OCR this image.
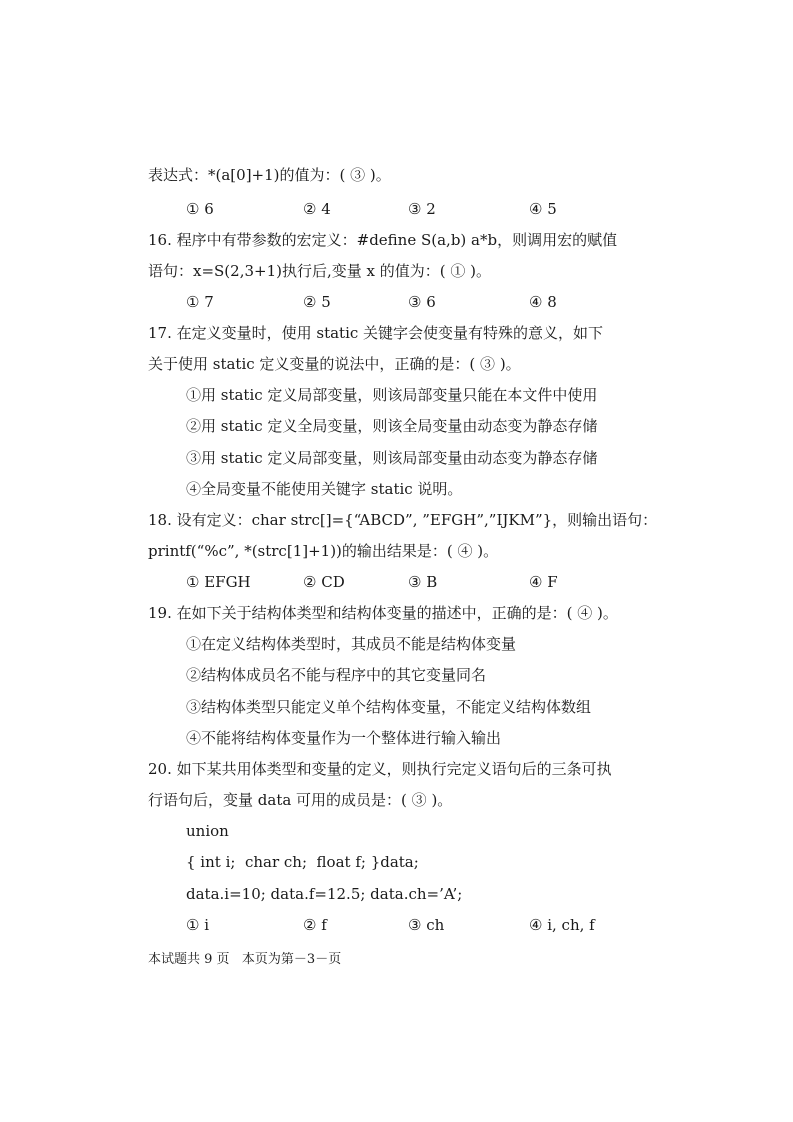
表达式：*(a[0]+1)的值为：( ③ )。
① 6	② 4	③ 2	④ 5
16. 程序中有带参数的宏定义：#define S(a,b) a*b，则调用宏的赋值
语句：x=S(2,3+1)执行后,变量 x 的值为：( ① )。
① 7	② 5	③ 6	④ 8
17. 在定义变量时，使用 static 关键字会使变量有特殊的意义，如下
关于使用 static 定义变量的说法中，正确的是：( ③ )。
①用 static 定义局部变量，则该局部变量只能在本文件中使用
②用 static 定义全局变量，则该全局变量由动态变为静态存储
③用 static 定义局部变量，则该局部变量由动态变为静态存储
④全局变量不能使用关键字 static 说明。
18. 设有定义：char strc[]={“ABCD”, ”EFGH”,”IJKM”}，则输出语句：
printf(“%c”, *(strc[1]+1))的输出结果是：( ④ )。
① EFGH	② CD	③ B	④ F
19. 在如下关于结构体类型和结构体变量的描述中，正确的是：( ④ )。
①在定义结构体类型时，其成员不能是结构体变量
②结构体成员名不能与程序中的其它变量同名
③结构体类型只能定义单个结构体变量，不能定义结构体数组
④不能将结构体变量作为一个整体进行输入输出
20. 如下某共用体类型和变量的定义，则执行完定义语句后的三条可执
行语句后，变量 data 可用的成员是：( ③ )。
union
{ int i;  char ch;  float f; }data;
data.i=10; data.f=12.5; data.ch=’A’;
① i	② f	③ ch	④ i, ch, f
本试题共 9 页   本页为第－3－页
